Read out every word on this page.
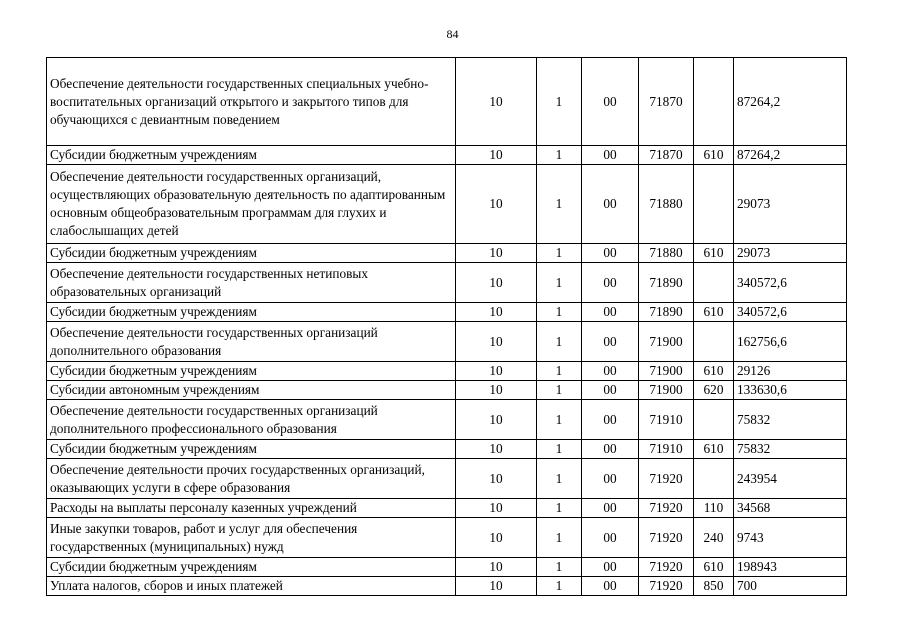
84
Обеспечение деятельности государственных специальных учебно-воспитательных организаций открытого и закрытого типов для обучающихся с девиантным поведением	10	1	00	71870		87264,2
Субсидии бюджетным учреждениям	10	1	00	71870	610	87264,2
Обеспечение деятельности государственных организаций, осуществляющих образовательную деятельность по адаптированным основным общеобразовательным программам для глухих и слабослышащих детей	10	1	00	71880		29073
Субсидии бюджетным учреждениям	10	1	00	71880	610	29073
Обеспечение деятельности государственных нетиповых образовательных организаций	10	1	00	71890		340572,6
Субсидии бюджетным учреждениям	10	1	00	71890	610	340572,6
Обеспечение деятельности государственных организаций дополнительного образования	10	1	00	71900		162756,6
Субсидии бюджетным учреждениям	10	1	00	71900	610	29126
Субсидии автономным учреждениям	10	1	00	71900	620	133630,6
Обеспечение деятельности государственных организаций дополнительного профессионального образования	10	1	00	71910		75832
Субсидии бюджетным учреждениям	10	1	00	71910	610	75832
Обеспечение деятельности прочих государственных организаций, оказывающих услуги в сфере образования	10	1	00	71920		243954
Расходы на выплаты персоналу казенных учреждений	10	1	00	71920	110	34568
Иные закупки товаров, работ и услуг для обеспечения государственных (муниципальных) нужд	10	1	00	71920	240	9743
Субсидии бюджетным учреждениям	10	1	00	71920	610	198943
Уплата налогов, сборов и иных платежей	10	1	00	71920	850	700
